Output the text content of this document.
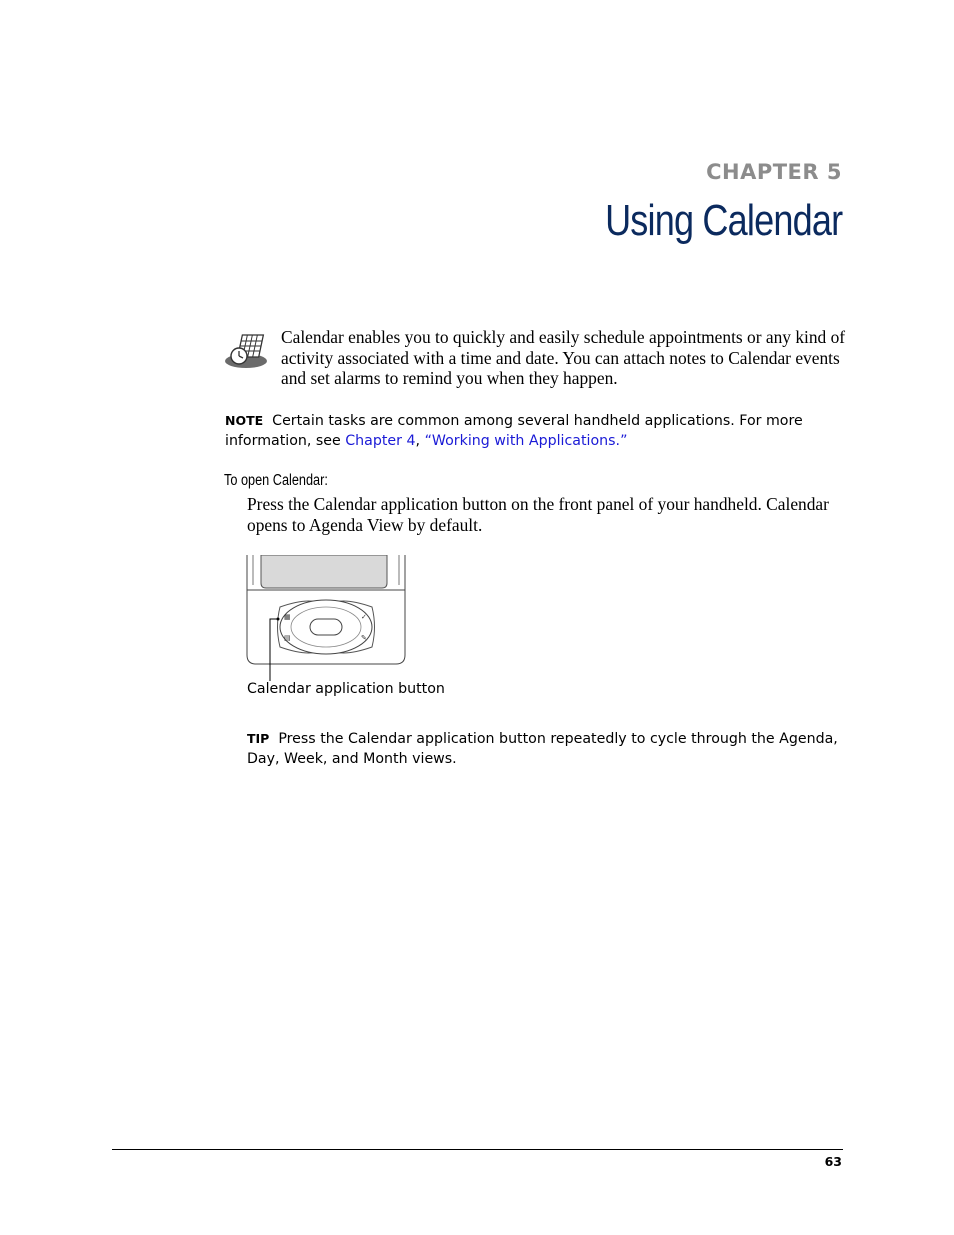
CHAPTER 5
Using Calendar
Calendar enables you to quickly and easily schedule appointments or any kind of activity associated with a time and date. You can attach notes to Calendar events and set alarms to remind you when they happen.
NOTE Certain tasks are common among several handheld applications. For more information, see Chapter 4, “Working with Applications.”
To open Calendar:
Press the Calendar application button on the front panel of your handheld. Calendar opens to Agenda View by default.
▦
▤
✓
✎
Calendar application button
TIP Press the Calendar application button repeatedly to cycle through the Agenda, Day, Week, and Month views.
63
